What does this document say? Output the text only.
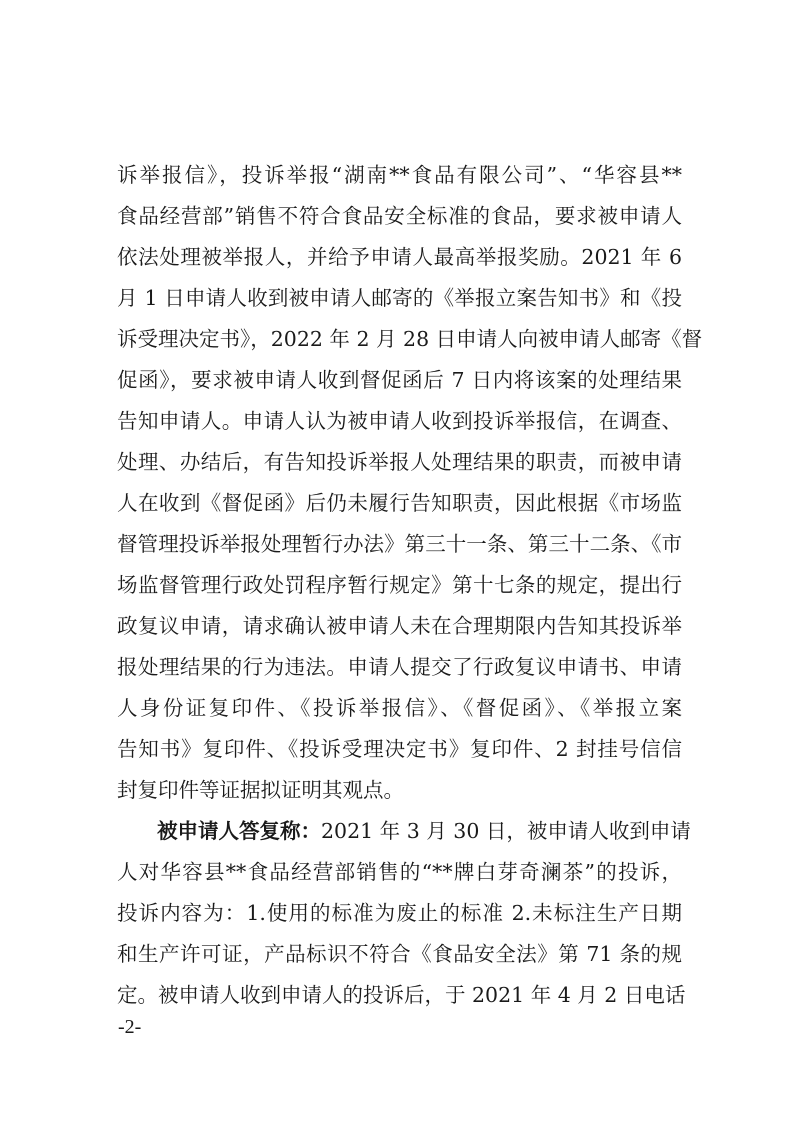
诉举报信》，投诉举报“湖南**食品有限公司”、“华容县**
食品经营部”销售不符合食品安全标准的食品，要求被申请人
依法处理被举报人，并给予申请人最高举报奖励。2021 年 6
月 1 日申请人收到被申请人邮寄的《举报立案告知书》和《投
诉受理决定书》，2022 年 2 月 28 日申请人向被申请人邮寄《督
促函》，要求被申请人收到督促函后 7 日内将该案的处理结果
告知申请人。申请人认为被申请人收到投诉举报信，在调查、
处理、办结后，有告知投诉举报人处理结果的职责，而被申请
人在收到《督促函》后仍未履行告知职责，因此根据《市场监
督管理投诉举报处理暂行办法》第三十一条、第三十二条、《市
场监督管理行政处罚程序暂行规定》第十七条的规定，提出行
政复议申请，请求确认被申请人未在合理期限内告知其投诉举
报处理结果的行为违法。申请人提交了行政复议申请书、申请
人身份证复印件、《投诉举报信》、《督促函》、《举报立案
告知书》复印件、《投诉受理决定书》复印件、2 封挂号信信
封复印件等证据拟证明其观点。
被申请人答复称：2021 年 3 月 30 日，被申请人收到申请
人对华容县**食品经营部销售的“**牌白芽奇澜茶”的投诉，
投诉内容为：1.使用的标准为废止的标准 2.未标注生产日期
和生产许可证，产品标识不符合《食品安全法》第 71 条的规
定。被申请人收到申请人的投诉后，于 2021 年 4 月 2 日电话
-2-
